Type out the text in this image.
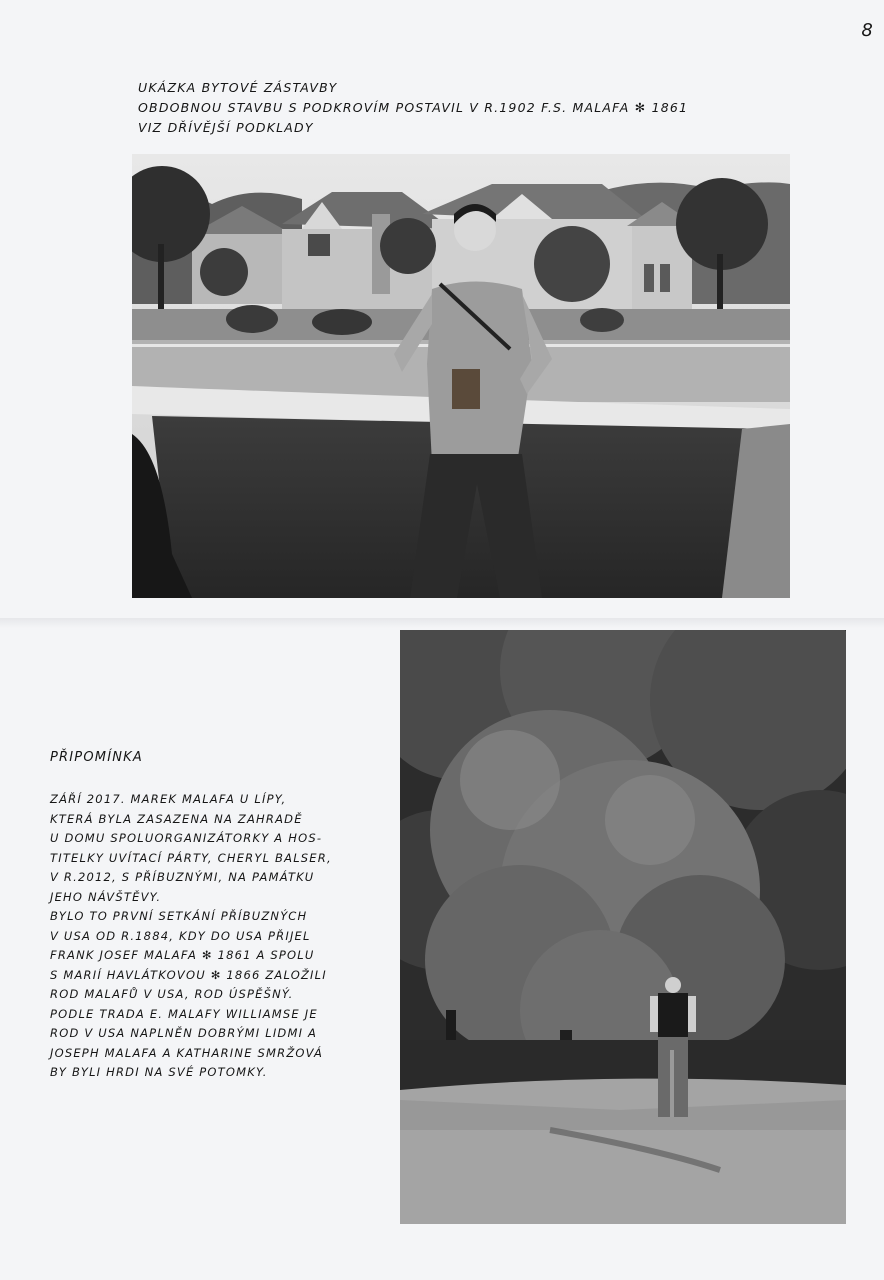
8
UKÁZKA BYTOVÉ ZÁSTAVBY
OBDOBNOU STAVBU S PODKROVÍM POSTAVIL V R.1902 F.S. MALAFA ✻ 1861
VIZ DŘÍVĚJŠÍ PODKLADY
PŘIPOMÍNKA
ZÁŘÍ 2017. MAREK MALAFA U LÍPY,
KTERÁ BYLA ZASAZENA NA ZAHRADĚ
U DOMU SPOLUORGANIZÁTORKY A HOS-
TITELKY UVÍTACÍ PÁRTY, CHERYL BALSER,
V R.2012, S PŘÍBUZNÝMI, NA PAMÁTKU
JEHO NÁVŠTĚVY.
BYLO TO PRVNÍ SETKÁNÍ PŘÍBUZNÝCH
V USA OD R.1884, KDY DO USA PŘIJEL
FRANK JOSEF MALAFA ✻ 1861 A SPOLU
S MARIÍ HAVLÁTKOVOU ✻ 1866 ZALOŽILI
ROD MALAFŮ V USA, ROD ÚSPĚŠNÝ.
PODLE TRADA E. MALAFY WILLIAMSE JE
ROD V USA NAPLNĚN DOBRÝMI LIDMI A
JOSEPH MALAFA A KATHARINE SMRŽOVÁ
BY BYLI HRDI NA SVÉ POTOMKY.
